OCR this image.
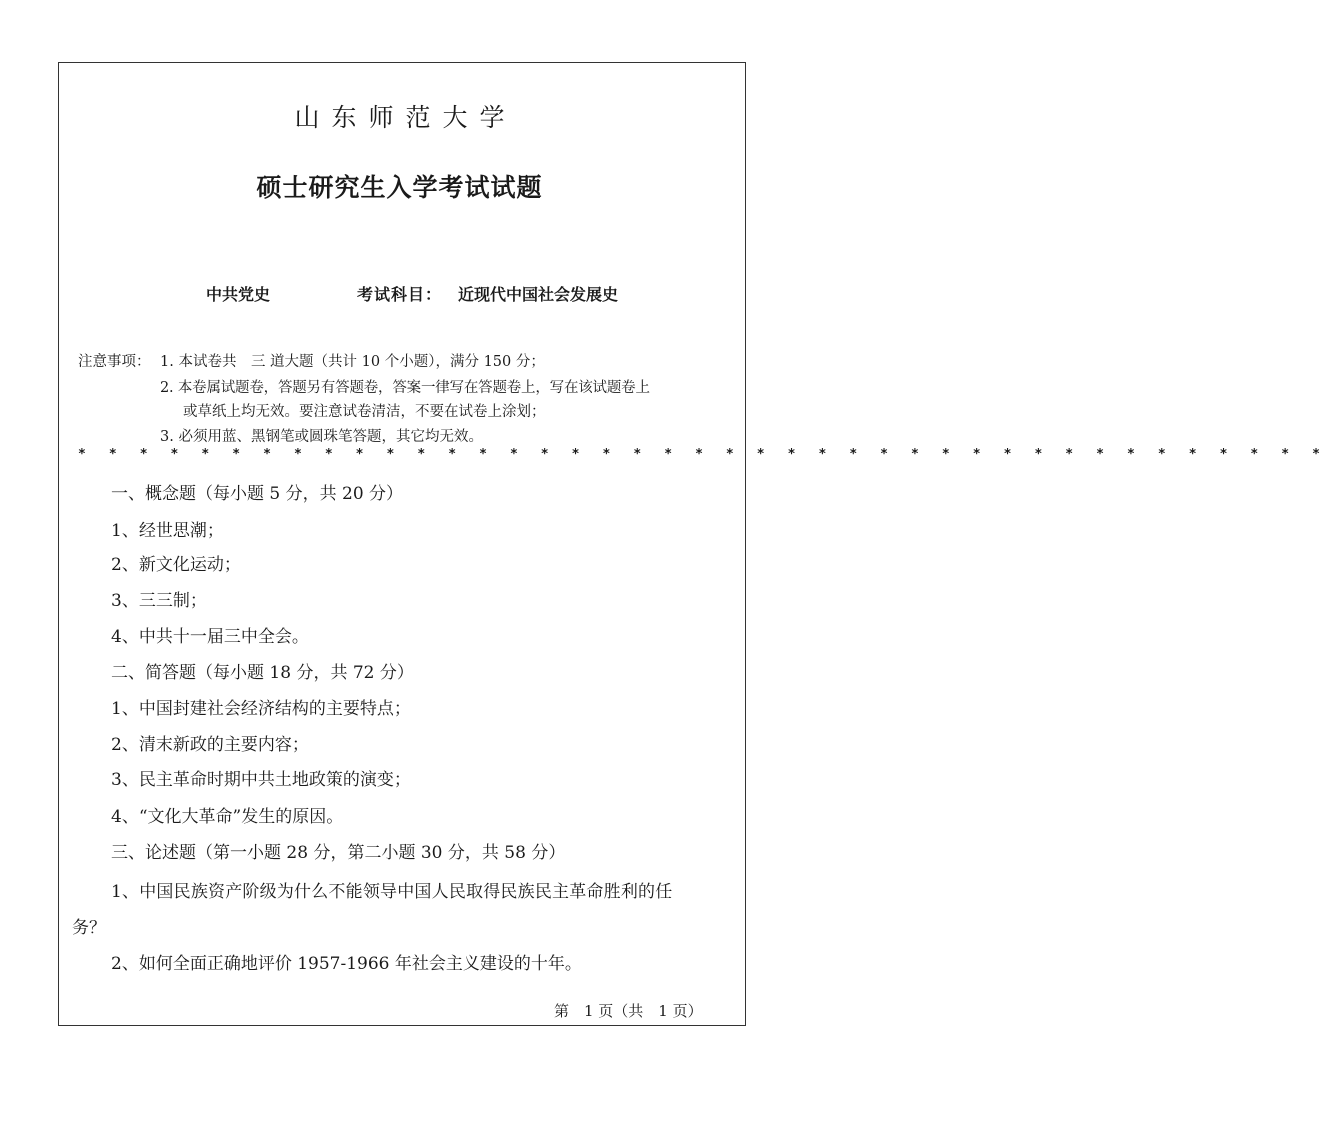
山东师范大学
硕士研究生入学考试试题
中共党史	考试科目： 近现代中国社会发展史
注意事项： 1. 本试卷共　三 道大题（共计 10 个小题），满分 150 分；
2. 本卷属试题卷，答题另有答题卷，答案一律写在答题卷上，写在该试题卷上
或草纸上均无效。要注意试卷清洁，不要在试卷上涂划；
3. 必须用蓝、黑钢笔或圆珠笔答题，其它均无效。
* * * * * * * * * * * * * * * * * * * * * * * * * * * * * * * * * * * * * * * * *
一、概念题（每小题 5 分，共 20 分）
1、经世思潮；
2、新文化运动；
3、三三制；
4、中共十一届三中全会。
二、简答题（每小题 18 分，共 72 分）
1、中国封建社会经济结构的主要特点；
2、清末新政的主要内容；
3、民主革命时期中共土地政策的演变；
4、“文化大革命”发生的原因。
三、论述题（第一小题 28 分，第二小题 30 分，共 58 分）
1、中国民族资产阶级为什么不能领导中国人民取得民族民主革命胜利的任
务？
2、如何全面正确地评价 1957-1966 年社会主义建设的十年。
第　1 页（共　1 页）
